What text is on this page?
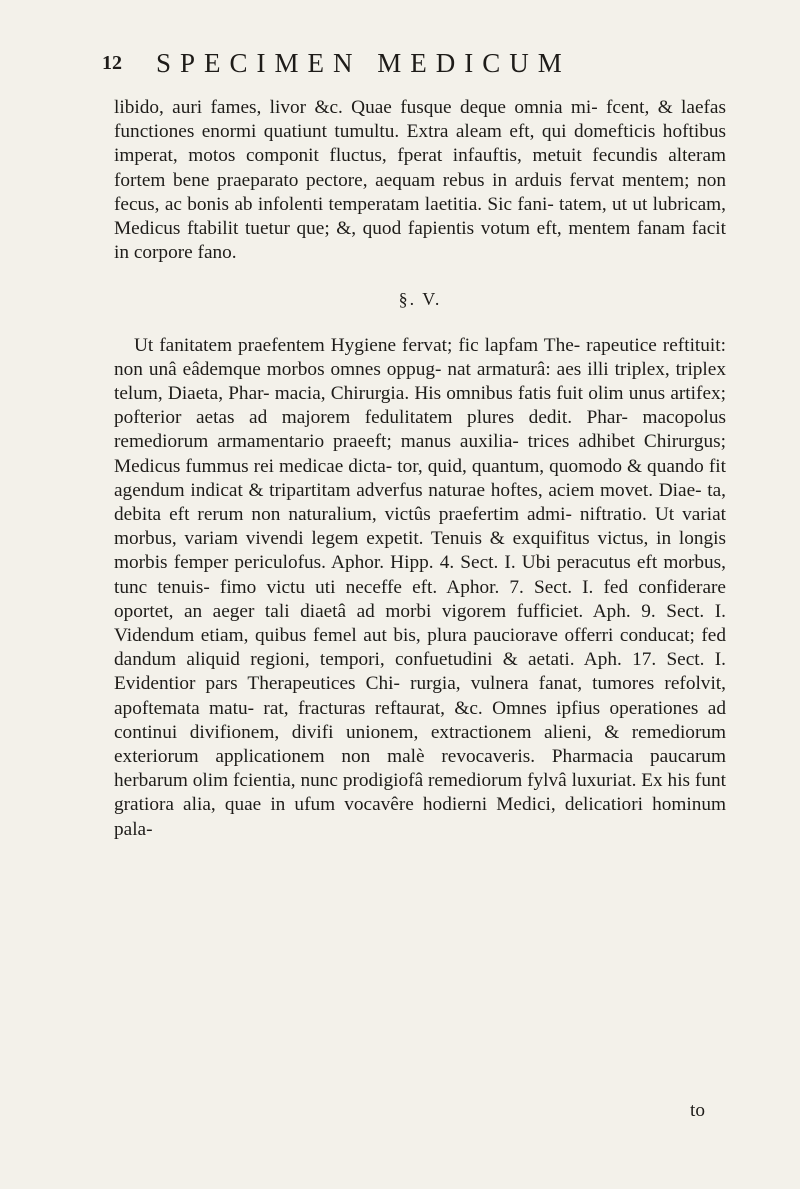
12 SPECIMEN MEDICUM

libido, auri fames, livor &c. Quae fusque deque omnia mi- fcent, & laefas functiones enormi quatiunt tumultu. Extra aleam eft, qui domefticis hoftibus imperat, motos componit fluctus, fperat infauftis, metuit fecundis alteram fortem bene praeparato pectore, aequam rebus in arduis fervat mentem; non fecus, ac bonis ab infolenti temperatam laetitia. Sic fani- tatem, ut ut lubricam, Medicus ftabilit tuetur que; &, quod fapientis votum eft, mentem fanam facit in corpore fano.

§. V.

Ut fanitatem praefentem Hygiene fervat; fic lapfam The- rapeutice reftituit: non unâ eâdemque morbos omnes oppug- nat armaturâ: aes illi triplex, triplex telum, Diaeta, Phar- macia, Chirurgia. His omnibus fatis fuit olim unus artifex; pofterior aetas ad majorem fedulitatem plures dedit. Phar- macopolus remediorum armamentario praeeft; manus auxilia- trices adhibet Chirurgus; Medicus fummus rei medicae dicta- tor, quid, quantum, quomodo & quando fit agendum indicat & tripartitam adverfus naturae hoftes, aciem movet. Diae- ta, debita eft rerum non naturalium, victûs praefertim admi- niftratio. Ut variat morbus, variam vivendi legem expetit. Tenuis & exquifitus victus, in longis morbis femper periculofus. Aphor. Hipp. 4. Sect. I. Ubi peracutus eft morbus, tunc tenuis- fimo victu uti neceffe eft. Aphor. 7. Sect. I. fed confiderare oportet, an aeger tali diaetâ ad morbi vigorem fufficiet. Aph. 9. Sect. I. Videndum etiam, quibus femel aut bis, plura pauciorave offerri conducat; fed dandum aliquid regioni, tempori, confuetudini & aetati. Aph. 17. Sect. I. Evidentior pars Therapeutices Chi- rurgia, vulnera fanat, tumores refolvit, apoftemata matu- rat, fracturas reftaurat, &c. Omnes ipfius operationes ad continui divifionem, divifi unionem, extractionem alieni, & remediorum exteriorum applicationem non malè revocaveris. Pharmacia paucarum herbarum olim fcientia, nunc prodigiofâ remediorum fylvâ luxuriat. Ex his funt gratiora alia, quae in ufum vocavêre hodierni Medici, delicatiori hominum pala-

to
